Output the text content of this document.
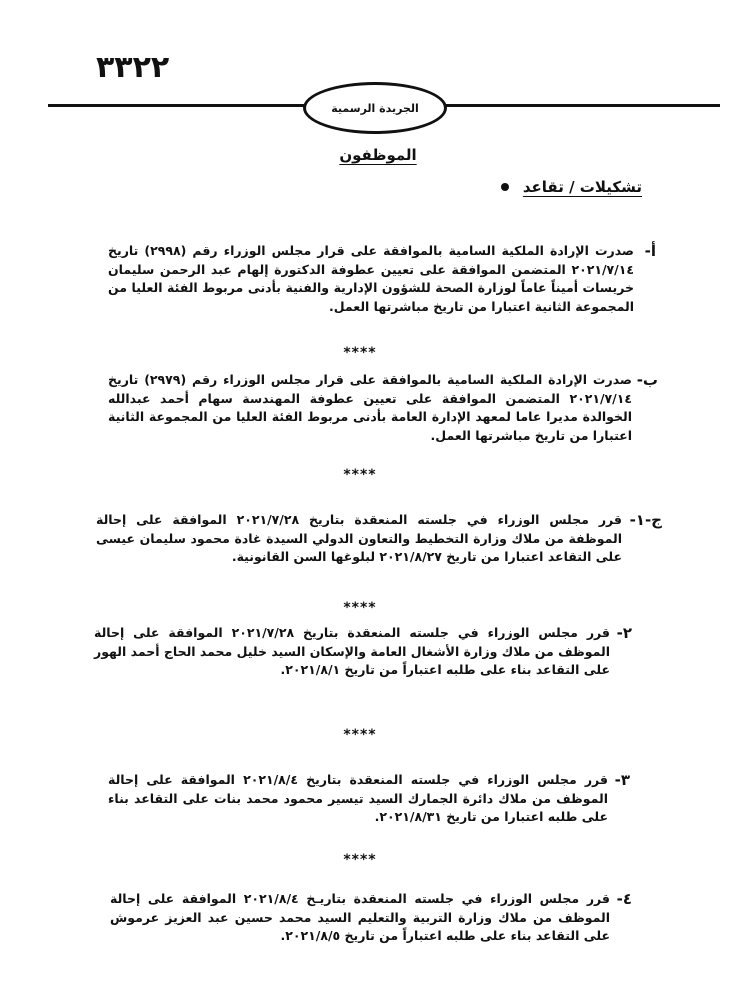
٣٣٢٢
الجريدة الرسمية
الموظفون
تشكيلات / تقاعد
أ-
صدرت الإرادة الملكية السامية بالموافقة على قرار مجلس الوزراء رقم (٢٩٩٨) تاريخ ٢٠٢١/٧/١٤ المتضمن الموافقة على تعيين عطوفة الدكتورة إلهام عبد الرحمن سليمان خريسات أميناً عاماً لوزارة الصحة للشؤون الإدارية والفنية بأدنى مربوط الفئة العليا من المجموعة الثانية اعتبارا من تاريخ مباشرتها العمل.
****
ب-
صدرت الإرادة الملكية السامية بالموافقة على قرار مجلس الوزراء رقم (٢٩٧٩) تاريخ ٢٠٢١/٧/١٤ المتضمن الموافقة على تعيين عطوفة المهندسة سهام أحمد عبدالله الخوالدة مديرا عاما لمعهد الإدارة العامة بأدنى مربوط الفئة العليا من المجموعة الثانية اعتبارا من تاريخ مباشرتها العمل.
****
ج-١-
قرر مجلس الوزراء في جلسته المنعقدة بتاريخ ٢٠٢١/٧/٢٨ الموافقة على إحالة الموظفة من ملاك وزارة التخطيط والتعاون الدولي السيدة غادة محمود سليمان عيسى على التقاعد اعتبارا من تاريخ ٢٠٢١/٨/٢٧ لبلوغها السن القانونية.
****
٢-
قرر مجلس الوزراء في جلسته المنعقدة بتاريخ ٢٠٢١/٧/٢٨ الموافقة على إحالة الموظف من ملاك وزارة الأشغال العامة والإسكان السيد خليل محمد الحاج أحمد الهور على التقاعد بناء على طلبه اعتباراً من تاريخ ٢٠٢١/٨/١.
****
٣-
قرر مجلس الوزراء في جلسته المنعقدة بتاريخ ٢٠٢١/٨/٤ الموافقة على إحالة الموظف من ملاك دائرة الجمارك السيد تيسير محمود محمد بنات على التقاعد بناء على طلبه اعتبارا من تاريخ ٢٠٢١/٨/٣١.
****
٤-
قرر مجلس الوزراء في جلسته المنعقدة بتاريـخ ٢٠٢١/٨/٤ الموافقة على إحالة الموظف من ملاك وزارة التربية والتعليم السيد محمد حسين عبد العزيز عرموش على التقاعد بناء على طلبه اعتباراً من تاريخ ٢٠٢١/٨/٥.
